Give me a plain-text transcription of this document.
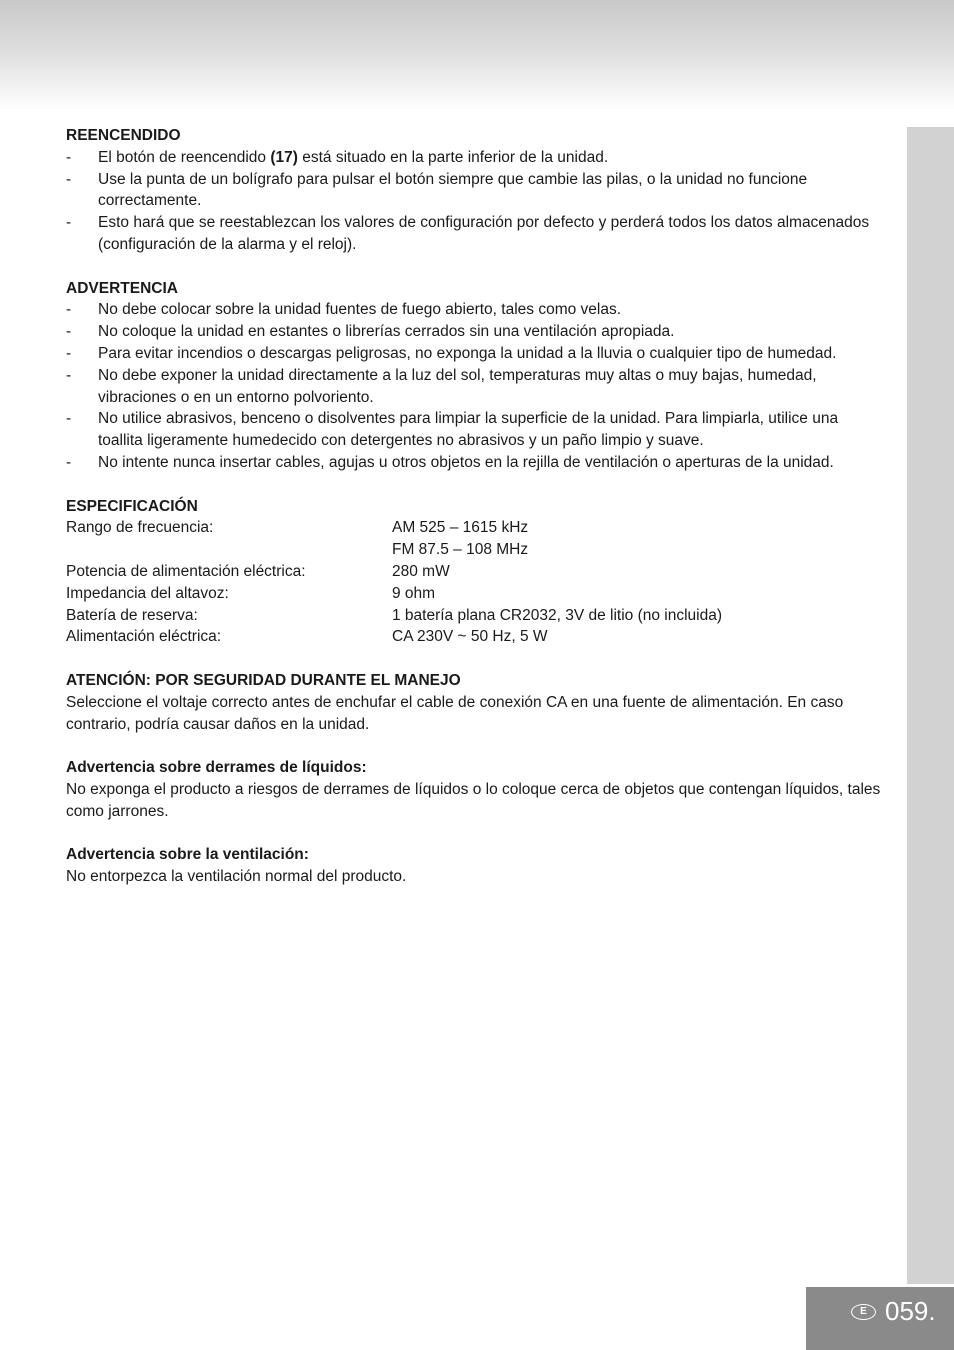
REENCENDIDO

- El botón de reencendido (17) está situado en la parte inferior de la unidad.
- Use la punta de un bolígrafo para pulsar el botón siempre que cambie las pilas, o la unidad no funcione correctamente.
- Esto hará que se reestablezcan los valores de configuración por defecto y perderá todos los datos almacenados (configuración de la alarma y el reloj).

ADVERTENCIA

- No debe colocar sobre la unidad fuentes de fuego abierto, tales como velas.
- No coloque la unidad en estantes o librerías cerrados sin una ventilación apropiada.
- Para evitar incendios o descargas peligrosas, no exponga la unidad a la lluvia o cualquier tipo de humedad.
- No debe exponer la unidad directamente a la luz del sol, temperaturas muy altas o muy bajas, humedad, vibraciones o en un entorno polvoriento.
- No utilice abrasivos, benceno o disolventes para limpiar la superficie de la unidad. Para limpiarla, utilice una toallita ligeramente humedecido con detergentes no abrasivos y un paño limpio y suave.
- No intente nunca insertar cables, agujas u otros objetos en la rejilla de ventilación o aperturas de la unidad.

ESPECIFICACIÓN

Rango de frecuencia:	AM 525 – 1615 kHz
FM 87.5 – 108 MHz
Potencia de alimentación eléctrica:	280 mW
Impedancia del altavoz:	9 ohm
Batería de reserva:	1 batería plana CR2032, 3V de litio (no incluida)
Alimentación eléctrica:	CA 230V ~ 50 Hz, 5 W

ATENCIÓN: POR SEGURIDAD DURANTE EL MANEJO

Seleccione el voltaje correcto antes de enchufar el cable de conexión CA en una fuente de alimentación. En caso contrario, podría causar daños en la unidad.

Advertencia sobre derrames de líquidos:

No exponga el producto a riesgos de derrames de líquidos o lo coloque cerca de objetos que contengan líquidos, tales como jarrones.

Advertencia sobre la ventilación:

No entorpezca la ventilación normal del producto.

E 059.
